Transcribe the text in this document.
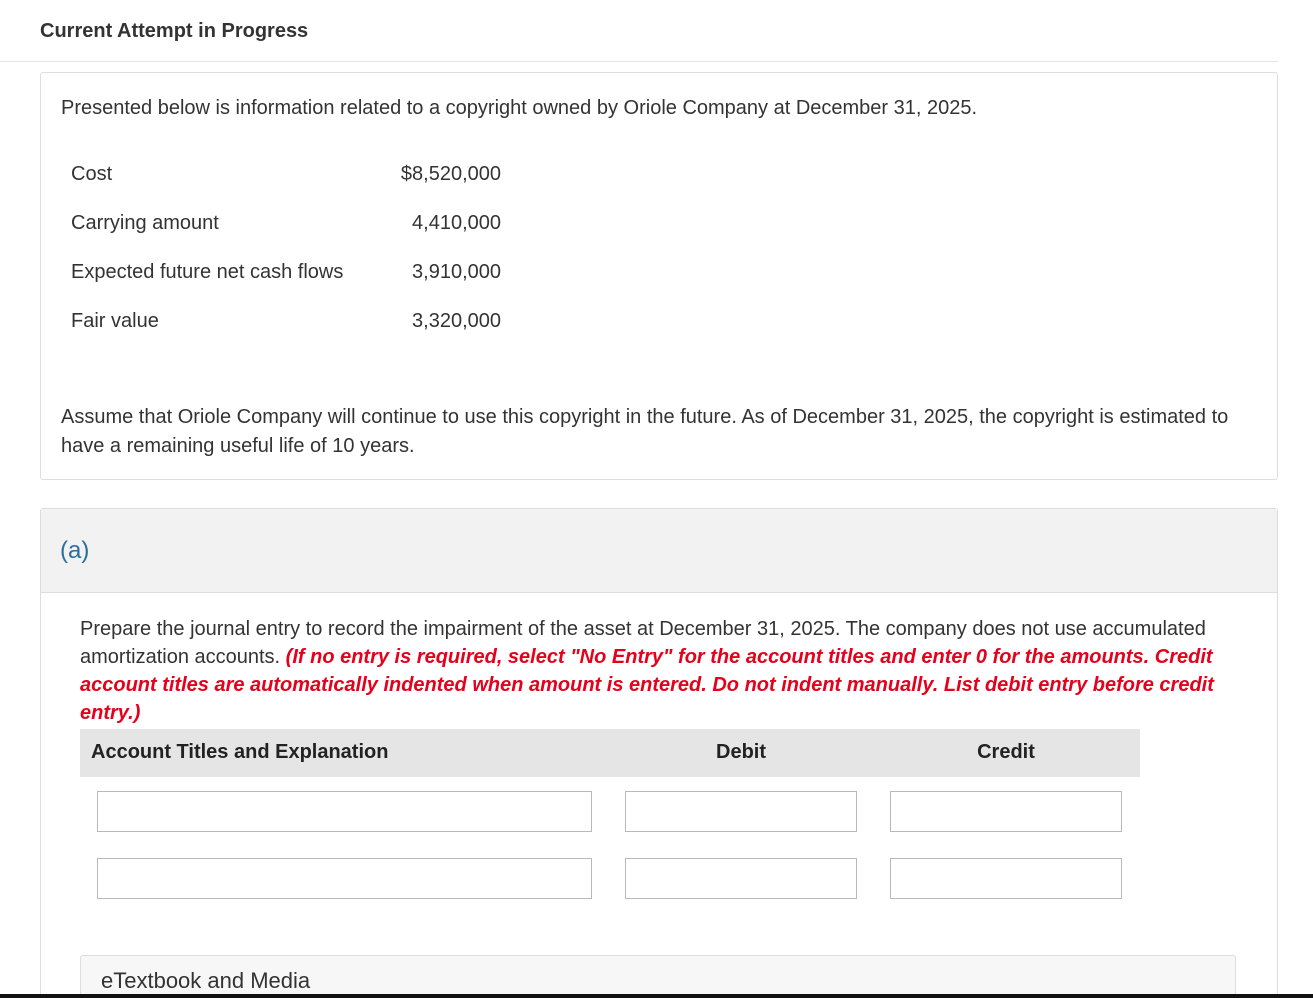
Current Attempt in Progress
Presented below is information related to a copyright owned by Oriole Company at December 31, 2025.
Cost	$8,520,000
Carrying amount	4,410,000
Expected future net cash flows	3,910,000
Fair value	3,320,000
Assume that Oriole Company will continue to use this copyright in the future. As of December 31, 2025, the copyright is estimated to have a remaining useful life of 10 years.
(a)
Prepare the journal entry to record the impairment of the asset at December 31, 2025. The company does not use accumulated amortization accounts. (If no entry is required, select "No Entry" for the account titles and enter 0 for the amounts. Credit account titles are automatically indented when amount is entered. Do not indent manually. List debit entry before credit entry.)
Account Titles and Explanation	Debit	Credit
eTextbook and Media
